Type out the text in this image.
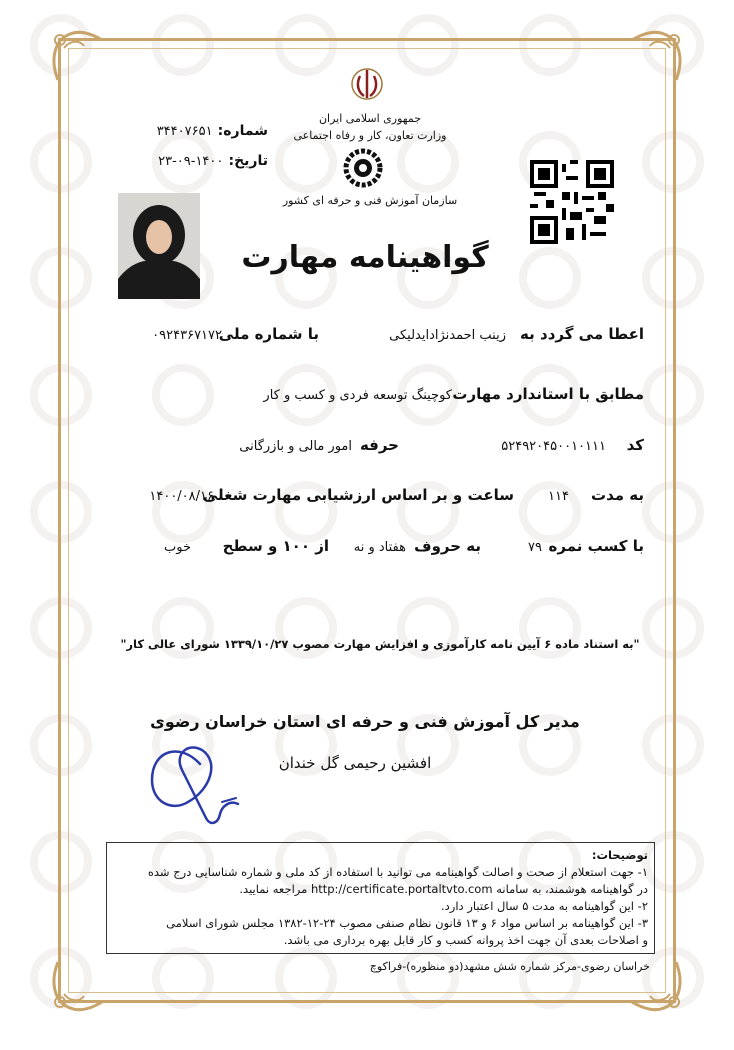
جمهوری اسلامی ایران
وزارت تعاون، کار و رفاه اجتماعی
سازمان آموزش فنی و حرفه ای کشور
شماره: ۳۴۴۰۷۶۵۱
تاریخ: ۱۴۰۰-۰۹-۲۳
گواهینامه مهارت
اعطا می گردد به
زینب احمدنژادایدلیکی
با شماره ملی
۰۹۲۴۳۶۷۱۷۲
مطابق با استاندارد مهارت
کوچینگ توسعه فردی و کسب و کار
کد
۵۲۴۹۲۰۴۵۰۰۱۰۱۱۱
حرفه
امور مالی و بازرگانی
به مدت
۱۱۴
ساعت و بر اساس ارزشیابی مهارت شغلی
۱۴۰۰/۰۸/۱۶
با کسب نمره
۷۹
به حروف
هفتاد و نه
از ۱۰۰ و سطح
خوب
"به استناد ماده ۶ آیین نامه کارآموزی و افزایش مهارت مصوب ۱۳۳۹/۱۰/۲۷ شورای عالی کار"
مدیر کل آموزش فنی و حرفه ای استان خراسان رضوی
افشین رحیمی گل خندان
توضیحات:
۱- جهت استعلام از صحت و اصالت گواهینامه می توانید با استفاده از کد ملی و شماره شناسایی درج شده
در گواهینامه هوشمند، به سامانه http://certificate.portaltvto.com مراجعه نمایید.
۲- این گواهینامه به مدت ۵ سال اعتبار دارد.
۳- این گواهینامه بر اساس مواد ۶ و ۱۳ قانون نظام صنفی مصوب ۲۴-۱۲-۱۳۸۲ مجلس شورای اسلامی
و اصلاحات بعدی آن جهت اخذ پروانه کسب و کار قابل بهره برداری می باشد.
خراسان رضوی-مرکز شماره شش مشهد(دو منظوره)-فراکوچ
